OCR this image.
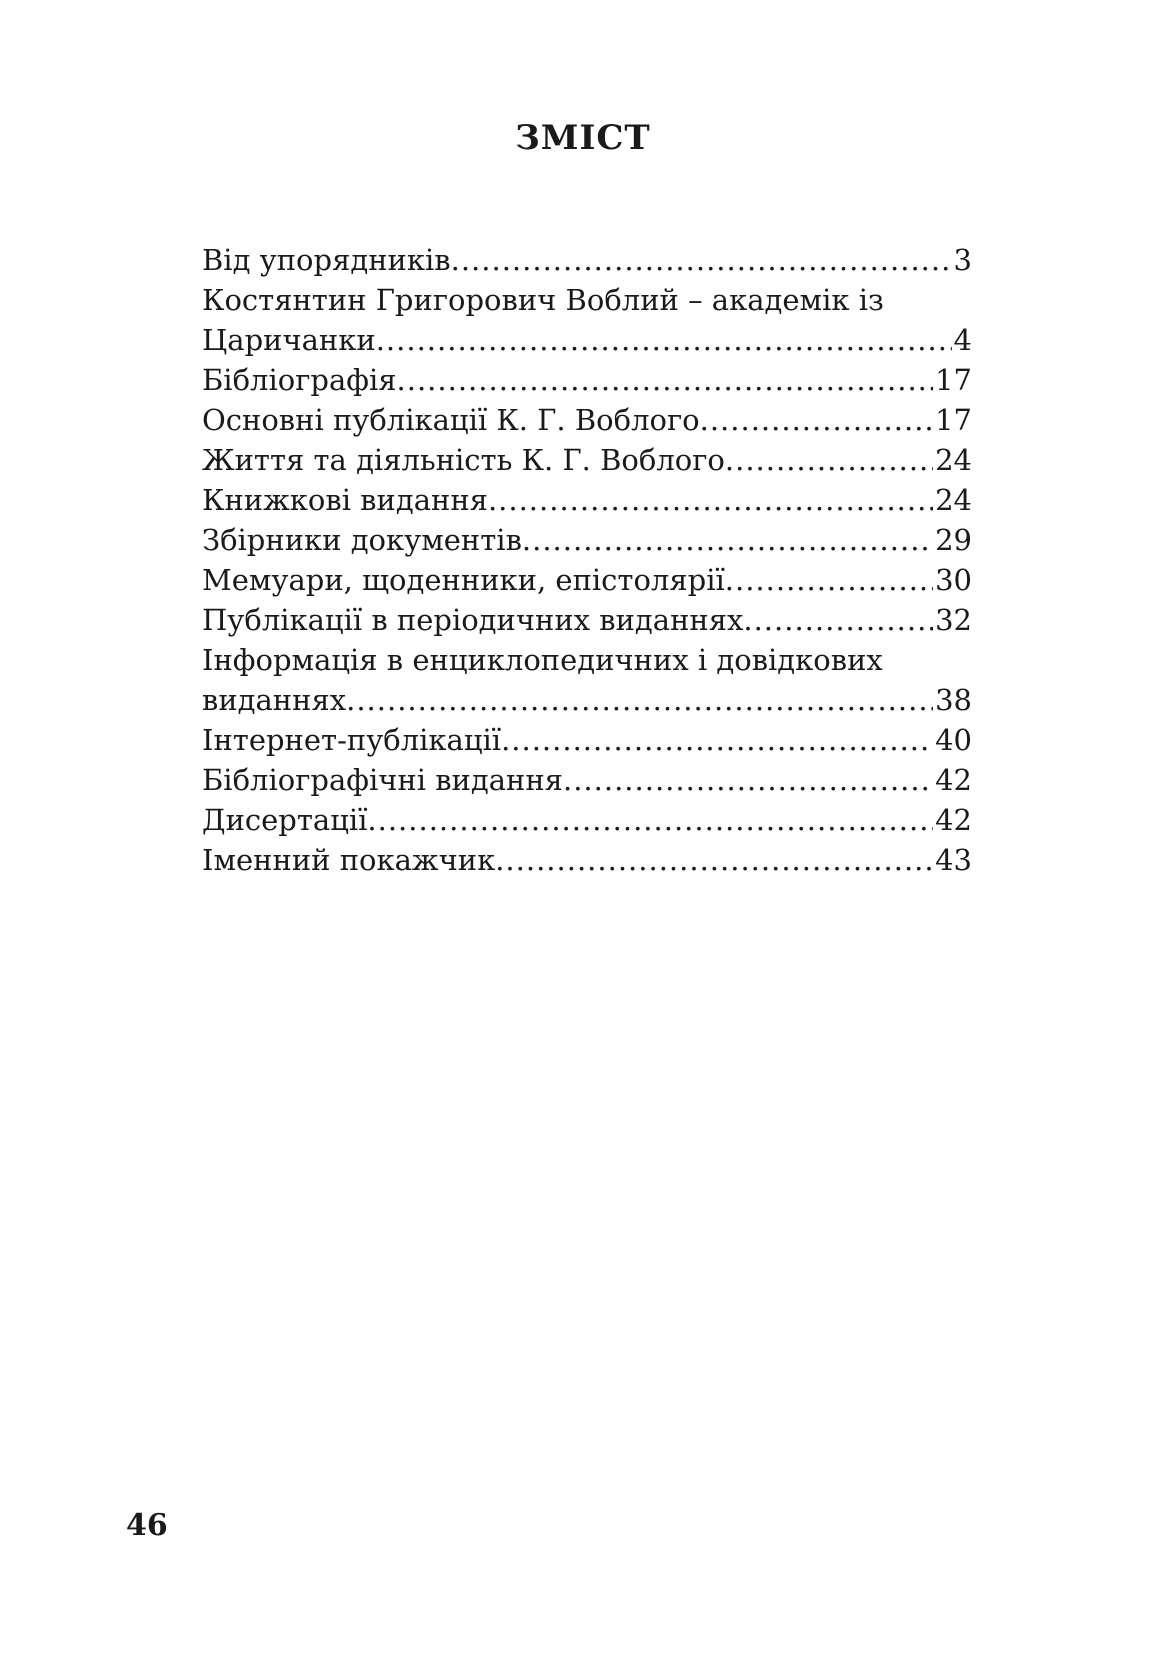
ЗМІСТ
Від упорядників .....	3
Костянтин Григорович Воблий – академік із
Царичанки .....	4
Бібліографія .....	17
Основні публікації К. Г. Воблого .....	17
Життя та діяльність К. Г. Воблого .....	24
Книжкові видання .....	24
Збірники документів .....	29
Мемуари, щоденники, епістолярії .....	30
Публікації в періодичних виданнях .....	32
Інформація в енциклопедичних і довідкових
виданнях .....	38
Інтернет-публікації .....	40
Бібліографічні видання .....	42
Дисертації .....	42
Іменний покажчик .....	43
46
